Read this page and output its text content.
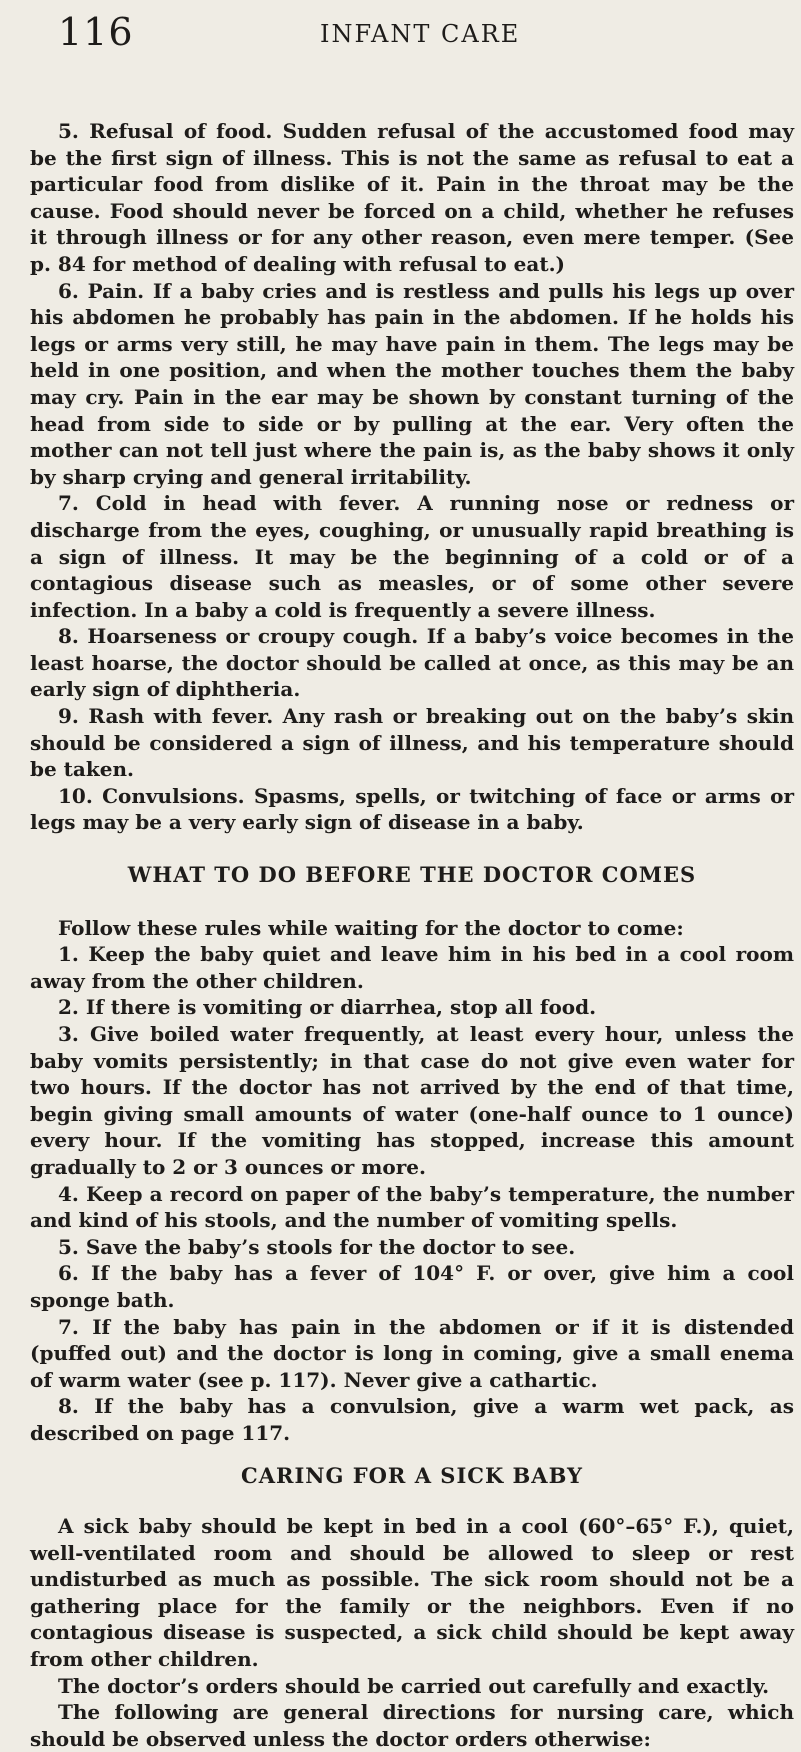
116	INFANT CARE

5. Refusal of food. Sudden refusal of the accustomed food may be the first sign of illness. This is not the same as refusal to eat a particular food from dislike of it. Pain in the throat may be the cause. Food should never be forced on a child, whether he refuses it through illness or for any other reason, even mere temper. (See p. 84 for method of dealing with refusal to eat.)

6. Pain. If a baby cries and is restless and pulls his legs up over his abdomen he probably has pain in the abdomen. If he holds his legs or arms very still, he may have pain in them. The legs may be held in one position, and when the mother touches them the baby may cry. Pain in the ear may be shown by constant turning of the head from side to side or by pulling at the ear. Very often the mother can not tell just where the pain is, as the baby shows it only by sharp crying and general irritability.

7. Cold in head with fever. A running nose or redness or discharge from the eyes, coughing, or unusually rapid breathing is a sign of illness. It may be the beginning of a cold or of a contagious disease such as measles, or of some other severe infection. In a baby a cold is frequently a severe illness.

8. Hoarseness or croupy cough. If a baby’s voice becomes in the least hoarse, the doctor should be called at once, as this may be an early sign of diphtheria.

9. Rash with fever. Any rash or breaking out on the baby’s skin should be considered a sign of illness, and his temperature should be taken.

10. Convulsions. Spasms, spells, or twitching of face or arms or legs may be a very early sign of disease in a baby.

WHAT TO DO BEFORE THE DOCTOR COMES

Follow these rules while waiting for the doctor to come:

1. Keep the baby quiet and leave him in his bed in a cool room away from the other children.

2. If there is vomiting or diarrhea, stop all food.

3. Give boiled water frequently, at least every hour, unless the baby vomits persistently; in that case do not give even water for two hours. If the doctor has not arrived by the end of that time, begin giving small amounts of water (one-half ounce to 1 ounce) every hour. If the vomiting has stopped, increase this amount gradually to 2 or 3 ounces or more.

4. Keep a record on paper of the baby’s temperature, the number and kind of his stools, and the number of vomiting spells.

5. Save the baby’s stools for the doctor to see.

6. If the baby has a fever of 104° F. or over, give him a cool sponge bath.

7. If the baby has pain in the abdomen or if it is distended (puffed out) and the doctor is long in coming, give a small enema of warm water (see p. 117). Never give a cathartic.

8. If the baby has a convulsion, give a warm wet pack, as described on page 117.

CARING FOR A SICK BABY

A sick baby should be kept in bed in a cool (60°–65° F.), quiet, well-ventilated room and should be allowed to sleep or rest undisturbed as much as possible. The sick room should not be a gathering place for the family or the neighbors. Even if no contagious disease is suspected, a sick child should be kept away from other children.

The doctor’s orders should be carried out carefully and exactly.

The following are general directions for nursing care, which should be observed unless the doctor orders otherwise:
